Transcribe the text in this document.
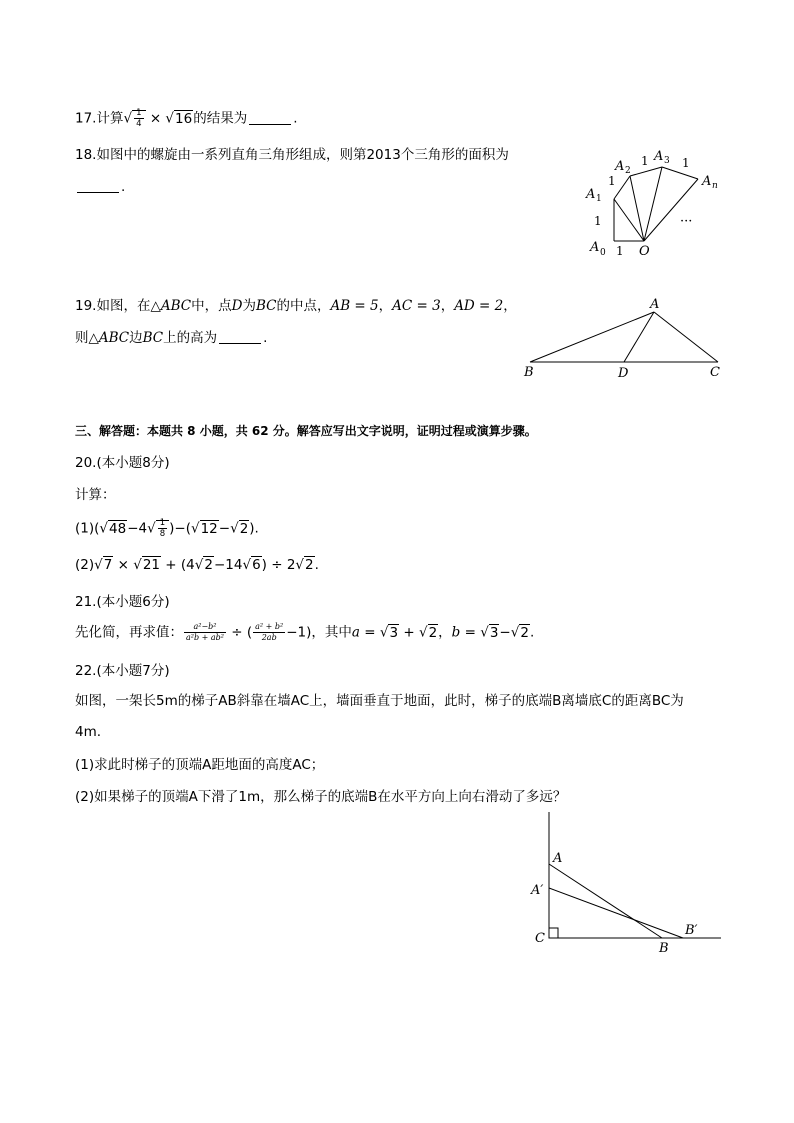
17.计算√ $\frac{1}{4} \times √16$的结果为	.
18.如图中的螺旋由一系列直角三角形组成，则第2013个三角形的面积为
.
A 0 1 O
1
A 1
1
A 2
1 A 3 1
A n
···
19.如图，在△ABC中，点D为BC的中点，AB = 5，AC = 3，AD = 2，
则△ABC边BC上的高为	.
A
B	D	C
三、解答题：本题共 8 小题，共 62 分。解答应写出文字说明，证明过程或演算步骤。
20.(本小题8分)
计算：
$(1)(√48-4√ \frac{1}{8} )-(√12-√2)$.
(2)√7 × √21 + (4√2−14√6) ÷ 2√2.
21.(本小题6分)
先化简，再求值： $\frac{\text{a²−b²}}{\text{a²b + ab²}}$ ÷ ( $\frac{\text{a² + b²}}{2ab} -1$)，其中a = √3 + √2，b = √3−√2.
22.(本小题7分)
如图，一架长5m的梯子AB斜靠在墙AC上，墙面垂直于地面，此时，梯子的底端B离墙底C的距离BC为
4m.
(1)求此时梯子的顶端A距地面的高度AC；
(2)如果梯子的顶端A下滑了1m，那么梯子的底端B在水平方向上向右滑动了多远？
A
A′
C
B
B′
